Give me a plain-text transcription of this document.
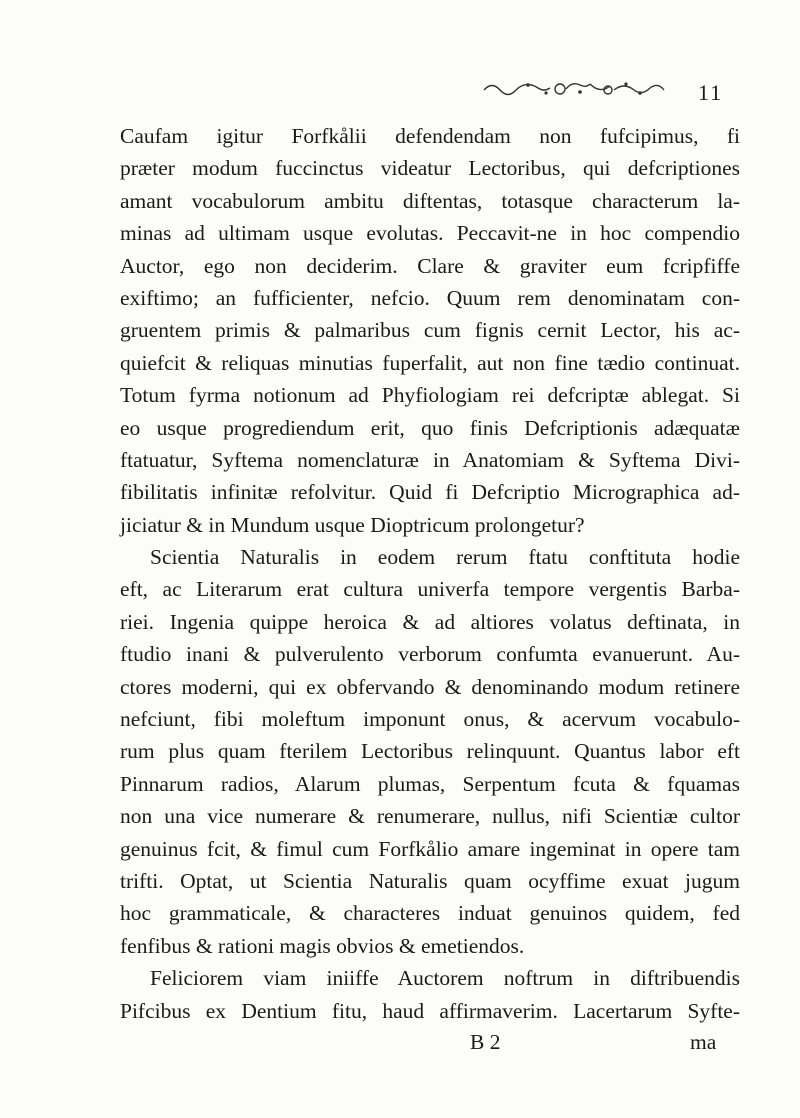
11
Caufam igitur Forfkålii defendendam non fufcipimus, fi
præter modum fuccinctus videatur Lectoribus, qui defcriptiones
amant vocabulorum ambitu diftentas, totasque characterum la-
minas ad ultimam usque evolutas. Peccavit-ne in hoc compendio
Auctor, ego non deciderim. Clare & graviter eum fcripfiffe
exiftimo; an fufficienter, nefcio. Quum rem denominatam con-
gruentem primis & palmaribus cum fignis cernit Lector, his ac-
quiefcit & reliquas minutias fuperfalit, aut non fine tædio continuat.
Totum fyrma notionum ad Phyfiologiam rei defcriptæ ablegat. Si
eo usque progrediendum erit, quo finis Defcriptionis adæquatæ
ftatuatur, Syftema nomenclaturæ in Anatomiam & Syftema Divi-
fibilitatis infinitæ refolvitur. Quid fi Defcriptio Micrographica ad-
jiciatur & in Mundum usque Dioptricum prolongetur?
Scientia Naturalis in eodem rerum ftatu conftituta hodie
eft, ac Literarum erat cultura univerfa tempore vergentis Barba-
riei. Ingenia quippe heroica & ad altiores volatus deftinata, in
ftudio inani & pulverulento verborum confumta evanuerunt. Au-
ctores moderni, qui ex obfervando & denominando modum retinere
nefciunt, fibi moleftum imponunt onus, & acervum vocabulo-
rum plus quam fterilem Lectoribus relinquunt. Quantus labor eft
Pinnarum radios, Alarum plumas, Serpentum fcuta & fquamas
non una vice numerare & renumerare, nullus, nifi Scientiæ cultor
genuinus fcit, & fimul cum Forfkålio amare ingeminat in opere tam
trifti. Optat, ut Scientia Naturalis quam ocyffime exuat jugum
hoc grammaticale, & characteres induat genuinos quidem, fed
fenfibus & rationi magis obvios & emetiendos.
Feliciorem viam iniiffe Auctorem noftrum in diftribuendis
Pifcibus ex Dentium fitu, haud affirmaverim. Lacertarum Syfte-
B 2	ma
